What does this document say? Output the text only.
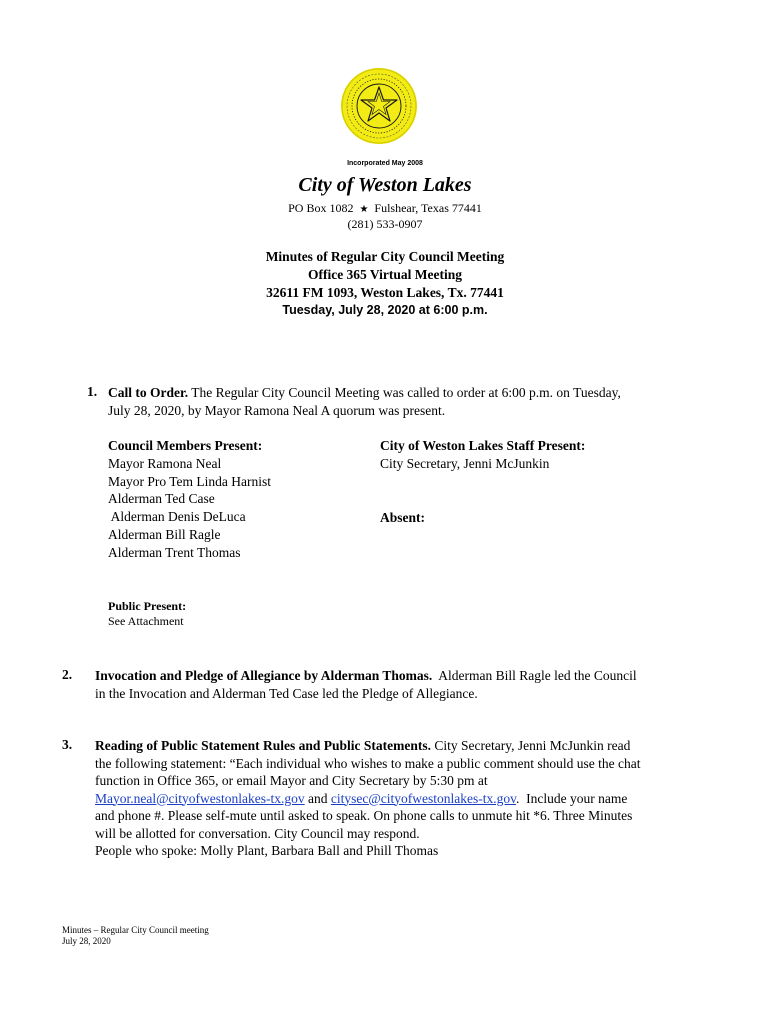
Incorporated May 2008
City of Weston Lakes
PO Box 1082 ★ Fulshear, Texas 77441
(281) 533-0907
Minutes of Regular City Council Meeting
Office 365 Virtual Meeting
32611 FM 1093, Weston Lakes, Tx. 77441
Tuesday, July 28, 2020 at 6:00 p.m.
1. Call to Order. The Regular City Council Meeting was called to order at 6:00 p.m. on Tuesday,
July 28, 2020, by Mayor Ramona Neal A quorum was present.
Council Members Present:
Mayor Ramona Neal
Mayor Pro Tem Linda Harnist
Alderman Ted Case
Alderman Denis DeLuca
Alderman Bill Ragle
Alderman Trent Thomas
City of Weston Lakes Staff Present:
City Secretary, Jenni McJunkin
Absent:
Public Present:
See Attachment
2. Invocation and Pledge of Allegiance by Alderman Thomas. Alderman Bill Ragle led the Council
in the Invocation and Alderman Ted Case led the Pledge of Allegiance.
3. Reading of Public Statement Rules and Public Statements. City Secretary, Jenni McJunkin read
the following statement: “Each individual who wishes to make a public comment should use the chat
function in Office 365, or email Mayor and City Secretary by 5:30 pm at
Mayor.neal@cityofwestonlakes-tx.gov and citysec@cityofwestonlakes-tx.gov.  Include your name
and phone #. Please self-mute until asked to speak. On phone calls to unmute hit *6. Three Minutes
will be allotted for conversation. City Council may respond.
People who spoke: Molly Plant, Barbara Ball and Phill Thomas
Minutes – Regular City Council meeting
July 28, 2020
